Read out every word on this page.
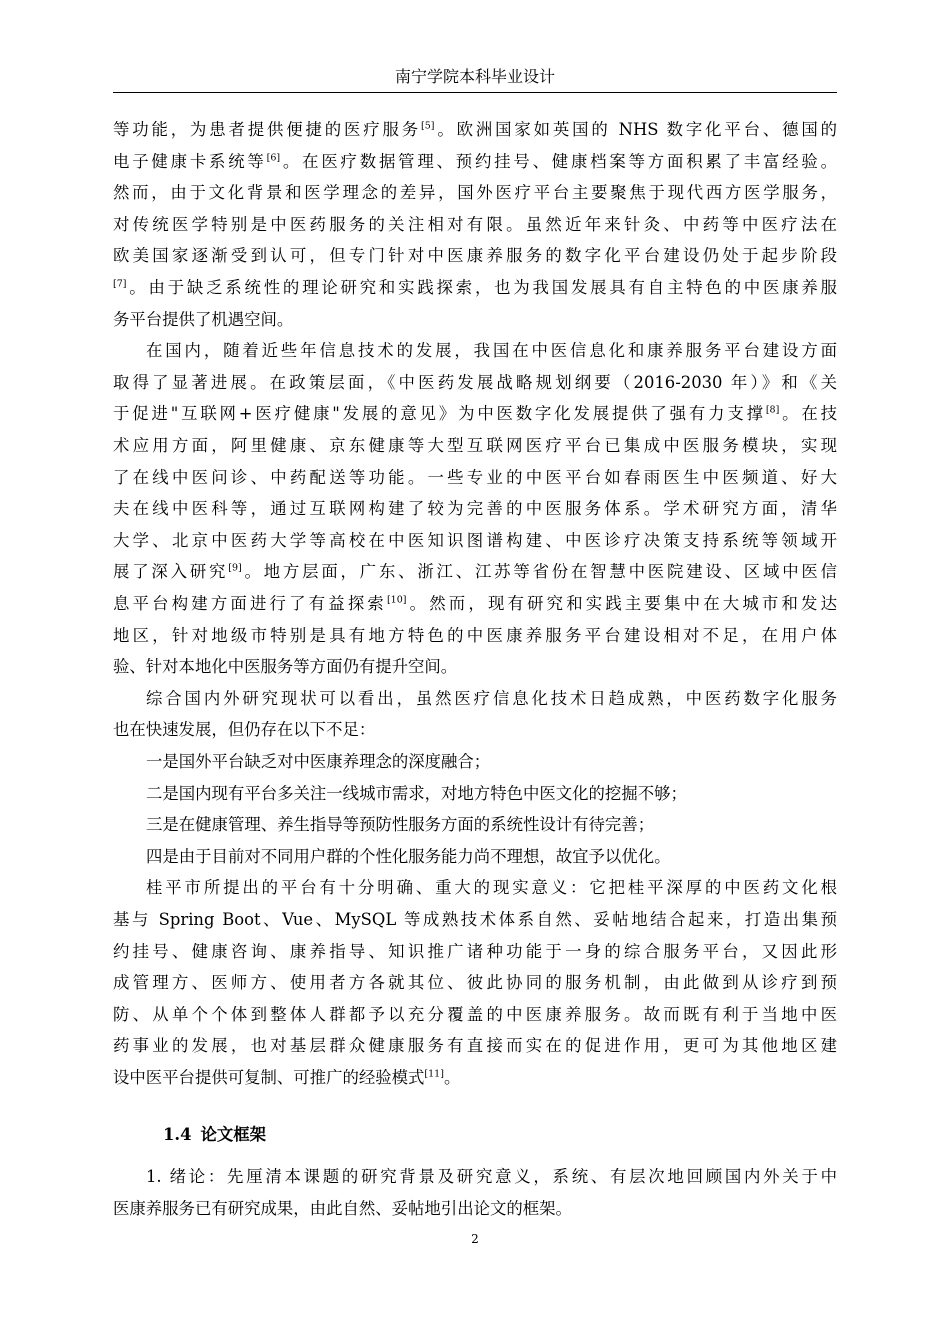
南宁学院本科毕业设计
等功能，为患者提供便捷的医疗服务[5]。欧洲国家如英国的 NHS 数字化平台、德国的
电子健康卡系统等[6]。在医疗数据管理、预约挂号、健康档案等方面积累了丰富经验。
然而，由于文化背景和医学理念的差异，国外医疗平台主要聚焦于现代西方医学服务，
对传统医学特别是中医药服务的关注相对有限。虽然近年来针灸、中药等中医疗法在
欧美国家逐渐受到认可，但专门针对中医康养服务的数字化平台建设仍处于起步阶段
[7]。由于缺乏系统性的理论研究和实践探索，也为我国发展具有自主特色的中医康养服
务平台提供了机遇空间。
在国内，随着近些年信息技术的发展，我国在中医信息化和康养服务平台建设方面
取得了显著进展。在政策层面，《中医药发展战略规划纲要（2016-2030 年）》和《关
于促进"互联网+医疗健康"发展的意见》为中医数字化发展提供了强有力支撑[8]。在技
术应用方面，阿里健康、京东健康等大型互联网医疗平台已集成中医服务模块，实现
了在线中医问诊、中药配送等功能。一些专业的中医平台如春雨医生中医频道、好大
夫在线中医科等，通过互联网构建了较为完善的中医服务体系。学术研究方面，清华
大学、北京中医药大学等高校在中医知识图谱构建、中医诊疗决策支持系统等领域开
展了深入研究[9]。地方层面，广东、浙江、江苏等省份在智慧中医院建设、区域中医信
息平台构建方面进行了有益探索[10]。然而，现有研究和实践主要集中在大城市和发达
地区，针对地级市特别是具有地方特色的中医康养服务平台建设相对不足，在用户体
验、针对本地化中医服务等方面仍有提升空间。
综合国内外研究现状可以看出，虽然医疗信息化技术日趋成熟，中医药数字化服务
也在快速发展，但仍存在以下不足：
一是国外平台缺乏对中医康养理念的深度融合；
二是国内现有平台多关注一线城市需求，对地方特色中医文化的挖掘不够；
三是在健康管理、养生指导等预防性服务方面的系统性设计有待完善；
四是由于目前对不同用户群的个性化服务能力尚不理想，故宜予以优化。
桂平市所提出的平台有十分明确、重大的现实意义：它把桂平深厚的中医药文化根
基与 Spring Boot、Vue、MySQL 等成熟技术体系自然、妥帖地结合起来，打造出集预
约挂号、健康咨询、康养指导、知识推广诸种功能于一身的综合服务平台，又因此形
成管理方、医师方、使用者方各就其位、彼此协同的服务机制，由此做到从诊疗到预
防、从单个个体到整体人群都予以充分覆盖的中医康养服务。故而既有利于当地中医
药事业的发展，也对基层群众健康服务有直接而实在的促进作用，更可为其他地区建
设中医平台提供可复制、可推广的经验模式[11]。
1.4 论文框架
1. 绪论：先厘清本课题的研究背景及研究意义，系统、有层次地回顾国内外关于中
医康养服务已有研究成果，由此自然、妥帖地引出论文的框架。
2
